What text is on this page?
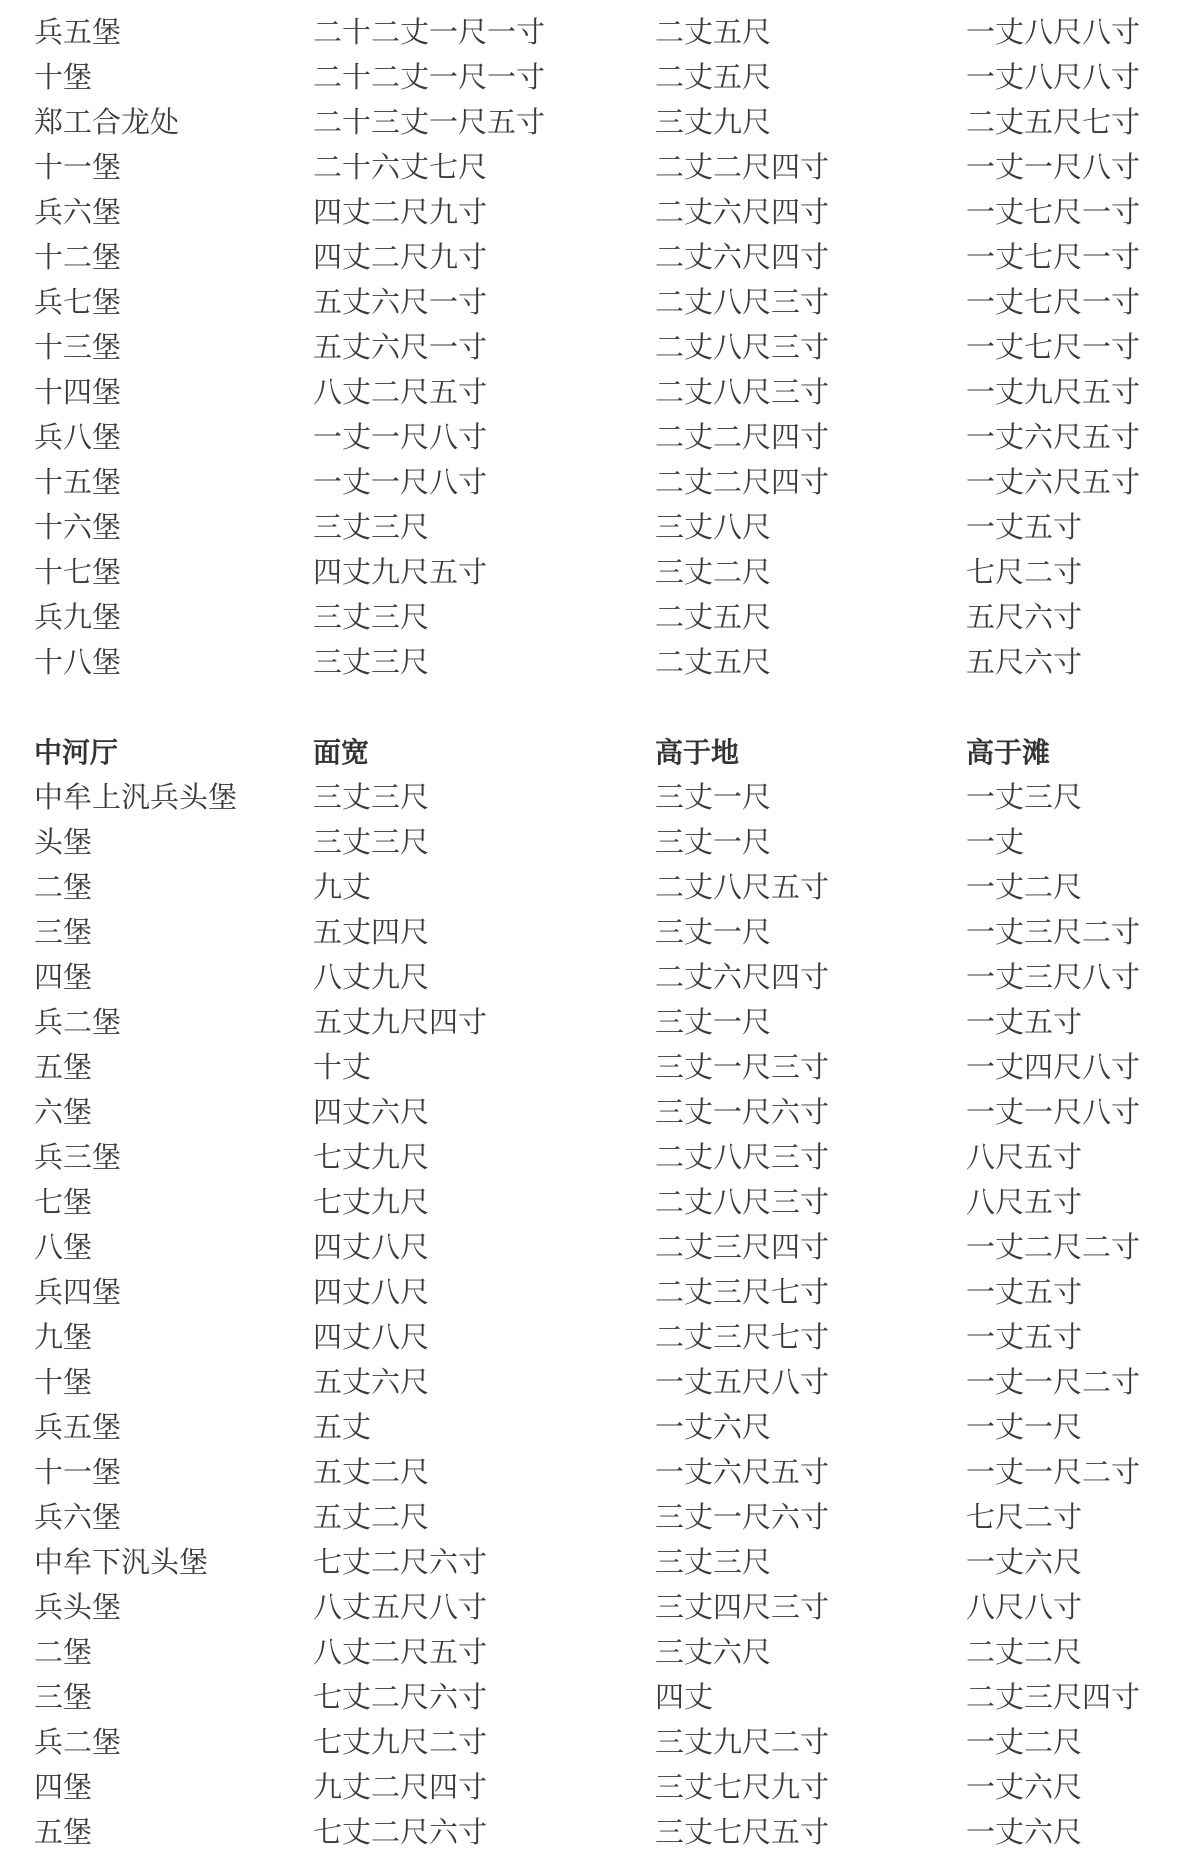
兵五堡	二十二丈一尺一寸	二丈五尺	一丈八尺八寸
十堡	二十二丈一尺一寸	二丈五尺	一丈八尺八寸
郑工合龙处	二十三丈一尺五寸	三丈九尺	二丈五尺七寸
十一堡	二十六丈七尺	二丈二尺四寸	一丈一尺八寸
兵六堡	四丈二尺九寸	二丈六尺四寸	一丈七尺一寸
十二堡	四丈二尺九寸	二丈六尺四寸	一丈七尺一寸
兵七堡	五丈六尺一寸	二丈八尺三寸	一丈七尺一寸
十三堡	五丈六尺一寸	二丈八尺三寸	一丈七尺一寸
十四堡	八丈二尺五寸	二丈八尺三寸	一丈九尺五寸
兵八堡	一丈一尺八寸	二丈二尺四寸	一丈六尺五寸
十五堡	一丈一尺八寸	二丈二尺四寸	一丈六尺五寸
十六堡	三丈三尺	三丈八尺	一丈五寸
十七堡	四丈九尺五寸	三丈二尺	七尺二寸
兵九堡	三丈三尺	二丈五尺	五尺六寸
十八堡	三丈三尺	二丈五尺	五尺六寸
中河厅	面宽	高于地	高于滩
中牟上汎兵头堡	三丈三尺	三丈一尺	一丈三尺
头堡	三丈三尺	三丈一尺	一丈
二堡	九丈	二丈八尺五寸	一丈二尺
三堡	五丈四尺	三丈一尺	一丈三尺二寸
四堡	八丈九尺	二丈六尺四寸	一丈三尺八寸
兵二堡	五丈九尺四寸	三丈一尺	一丈五寸
五堡	十丈	三丈一尺三寸	一丈四尺八寸
六堡	四丈六尺	三丈一尺六寸	一丈一尺八寸
兵三堡	七丈九尺	二丈八尺三寸	八尺五寸
七堡	七丈九尺	二丈八尺三寸	八尺五寸
八堡	四丈八尺	二丈三尺四寸	一丈二尺二寸
兵四堡	四丈八尺	二丈三尺七寸	一丈五寸
九堡	四丈八尺	二丈三尺七寸	一丈五寸
十堡	五丈六尺	一丈五尺八寸	一丈一尺二寸
兵五堡	五丈	一丈六尺	一丈一尺
十一堡	五丈二尺	一丈六尺五寸	一丈一尺二寸
兵六堡	五丈二尺	三丈一尺六寸	七尺二寸
中牟下汎头堡	七丈二尺六寸	三丈三尺	一丈六尺
兵头堡	八丈五尺八寸	三丈四尺三寸	八尺八寸
二堡	八丈二尺五寸	三丈六尺	二丈二尺
三堡	七丈二尺六寸	四丈	二丈三尺四寸
兵二堡	七丈九尺二寸	三丈九尺二寸	一丈二尺
四堡	九丈二尺四寸	三丈七尺九寸	一丈六尺
五堡	七丈二尺六寸	三丈七尺五寸	一丈六尺
